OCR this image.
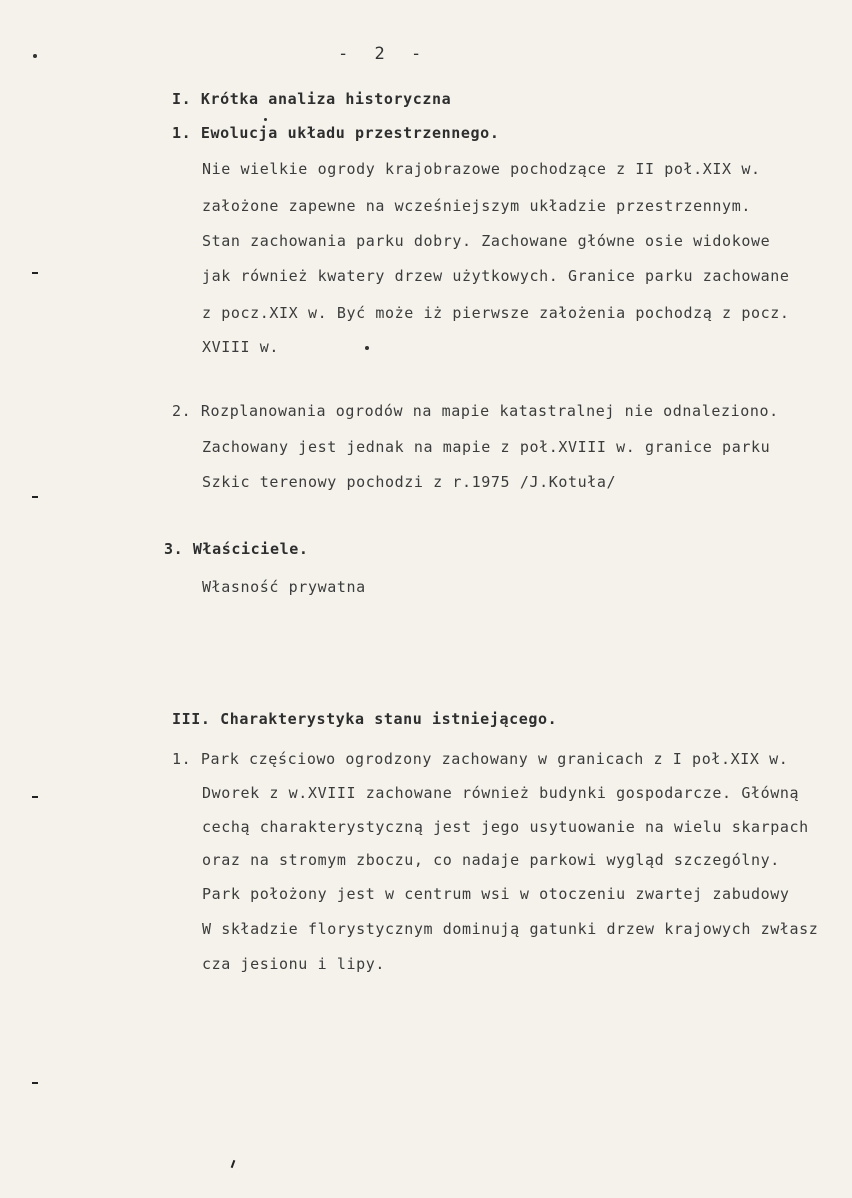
- 2 -
I. Krótka analiza historyczna
1. Ewolucja układu przestrzennego.
Nie wielkie ogrody krajobrazowe pochodzące z II poł.XIX w.
założone zapewne na wcześniejszym układzie przestrzennym.
Stan zachowania parku dobry. Zachowane główne osie widokowe
jak również kwatery drzew użytkowych. Granice parku zachowane
z pocz.XIX w. Być może iż pierwsze założenia pochodzą z pocz.
XVIII w.
2. Rozplanowania ogrodów na mapie katastralnej nie odnaleziono.
Zachowany jest jednak na mapie z poł.XVIII w. granice parku
Szkic terenowy pochodzi z r.1975 /J.Kotuła/
3. Właściciele.
Własność prywatna
III. Charakterystyka stanu istniejącego.
1. Park częściowo ogrodzony zachowany w granicach z I poł.XIX w.
Dworek z w.XVIII zachowane również budynki gospodarcze. Główną
cechą charakterystyczną jest jego usytuowanie na wielu skarpach
oraz na stromym zboczu, co nadaje parkowi wygląd szczególny.
Park położony jest w centrum wsi w otoczeniu zwartej zabudowy
W składzie florystycznym dominują gatunki drzew krajowych zwłasz
cza jesionu i lipy.
